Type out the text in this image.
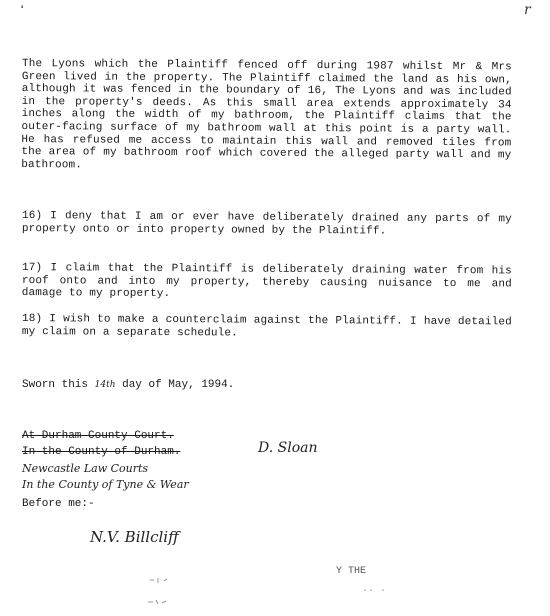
ʻ	r

The Lyons which the Plaintiff fenced off during 1987 whilst Mr & Mrs Green lived in the property. The Plaintiff claimed the land as his own, although it was fenced in the boundary of 16, The Lyons and was included in the property's deeds. As this small area extends approximately 34 inches along the width of my bathroom, the Plaintiff claims that the outer-facing surface of my bathroom wall at this point is a party wall. He has refused me access to maintain this wall and removed tiles from the area of my bathroom roof which covered the alleged party wall and my bathroom.

16) I deny that I am or ever have deliberately drained any parts of my property onto or into property owned by the Plaintiff.

17) I claim that the Plaintiff is deliberately draining water from his roof onto and into my property, thereby causing nuisance to me and damage to my property.

18) I wish to make a counterclaim against the Plaintiff. I have detailed my claim on a separate schedule.

Sworn this 14th day of May, 1994.
At Durham County Court.
In the County of Durham.
Newcastle Law Courts
In the County of Tyne & Wear
D. Sloan
Before me:-
N.V. Billcliff
Y THE
·· ·
